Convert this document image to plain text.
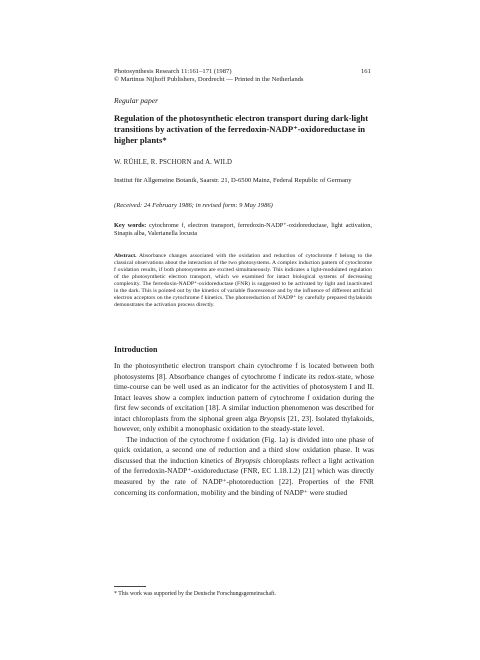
Photosynthesis Research 11:161–171 (1987)
© Martinus Nijhoff Publishers, Dordrecht — Printed in the Netherlands
161
Regular paper
Regulation of the photosynthetic electron transport during dark-light transitions by activation of the ferredoxin-NADP⁺-oxidoreductase in higher plants*
W. RÜHLE, R. PSCHORN and A. WILD
Institut für Allgemeine Botanik, Saarstr. 21, D-6500 Mainz, Federal Republic of Germany
(Received: 24 February 1986; in revised form: 9 May 1986)
Key words: cytochrome f, electron transport, ferredoxin-NADP⁺-oxidoreductase, light activation, Sinapis alba, Valerianella locusta
Abstract. Absorbance changes associated with the oxidation and reduction of cytochrome f belong to the classical observations about the interaction of the two photosystems. A complex induction pattern of cytochrome f oxidation results, if both photosystems are excited simultaneously. This indicates a light-modulated regulation of the photosynthetic electron transport, which we examined for intact biological systems of decreasing complexity. The ferredoxin-NADP⁺-oxidoreductase (FNR) is suggested to be activated by light and inactivated in the dark. This is pointed out by the kinetics of variable fluorescence and by the influence of different artificial electron acceptors on the cytochrome f kinetics. The photoreduction of NADP⁺ by carefully prepared thylakoids demonstrates the activation process directly.
Introduction

In the photosynthetic electron transport chain cytochrome f is located between both photosystems [8]. Absorbance changes of cytochrome f indicate its redox-state, whose time-course can be well used as an indicator for the activities of photosystem I and II. Intact leaves show a complex induction pattern of cytochrome f oxidation during the first few seconds of excitation [18]. A similar induction phenomenon was described for intact chloroplasts from the siphonal green alga Bryopsis [21, 23]. Isolated thylakoids, however, only exhibit a monophasic oxidation to the steady-state level.

The induction of the cytochrome f oxidation (Fig. 1a) is divided into one phase of quick oxidation, a second one of reduction and a third slow oxidation phase. It was discussed that the induction kinetics of Bryopsis chloroplasts reflect a light activation of the ferredoxin-NADP⁺-oxidoreductase (FNR, EC 1.18.1.2) [21] which was directly measured by the rate of NADP⁺-photoreduction [22]. Properties of the FNR concerning its conformation, mobility and the binding of NADP⁺ were studied

* This work was supported by the Deutsche Forschungsgemeinschaft.
